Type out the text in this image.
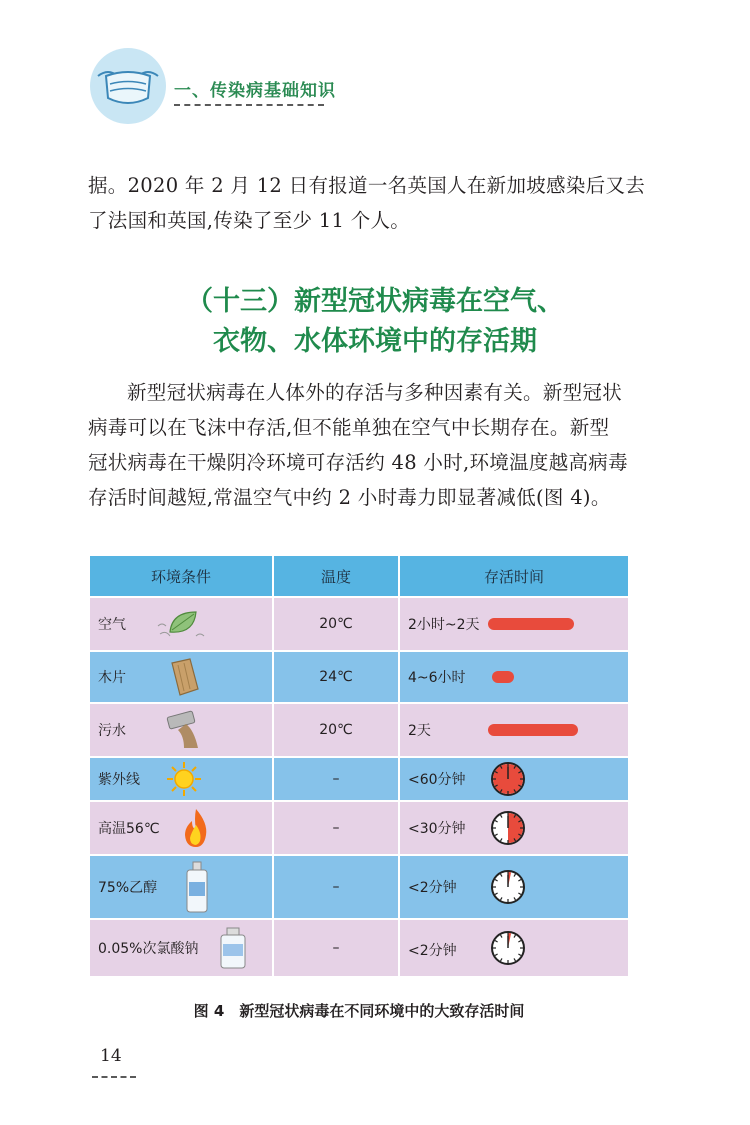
一、传染病基础知识
据。2020 年 2 月 12 日有报道一名英国人在新加坡感染后又去
了法国和英国,传染了至少 11 个人。
（十三）新型冠状病毒在空气、
衣物、水体环境中的存活期
新型冠状病毒在人体外的存活与多种因素有关。新型冠状
病毒可以在飞沫中存活,但不能单独在空气中长期存在。新型
冠状病毒在干燥阴冷环境可存活约 48 小时,环境温度越高病毒
存活时间越短,常温空气中约 2 小时毒力即显著减低(图 4)。
环境条件	温度	存活时间
空气	20℃	2小时~2天
木片	24℃	4~6小时
污水	20℃	2天
紫外线	–	<60分钟
高温56℃	–	<30分钟
75%乙醇	–	<2分钟
0.05%次氯酸钠	–	<2分钟
图 4　新型冠状病毒在不同环境中的大致存活时间
14
